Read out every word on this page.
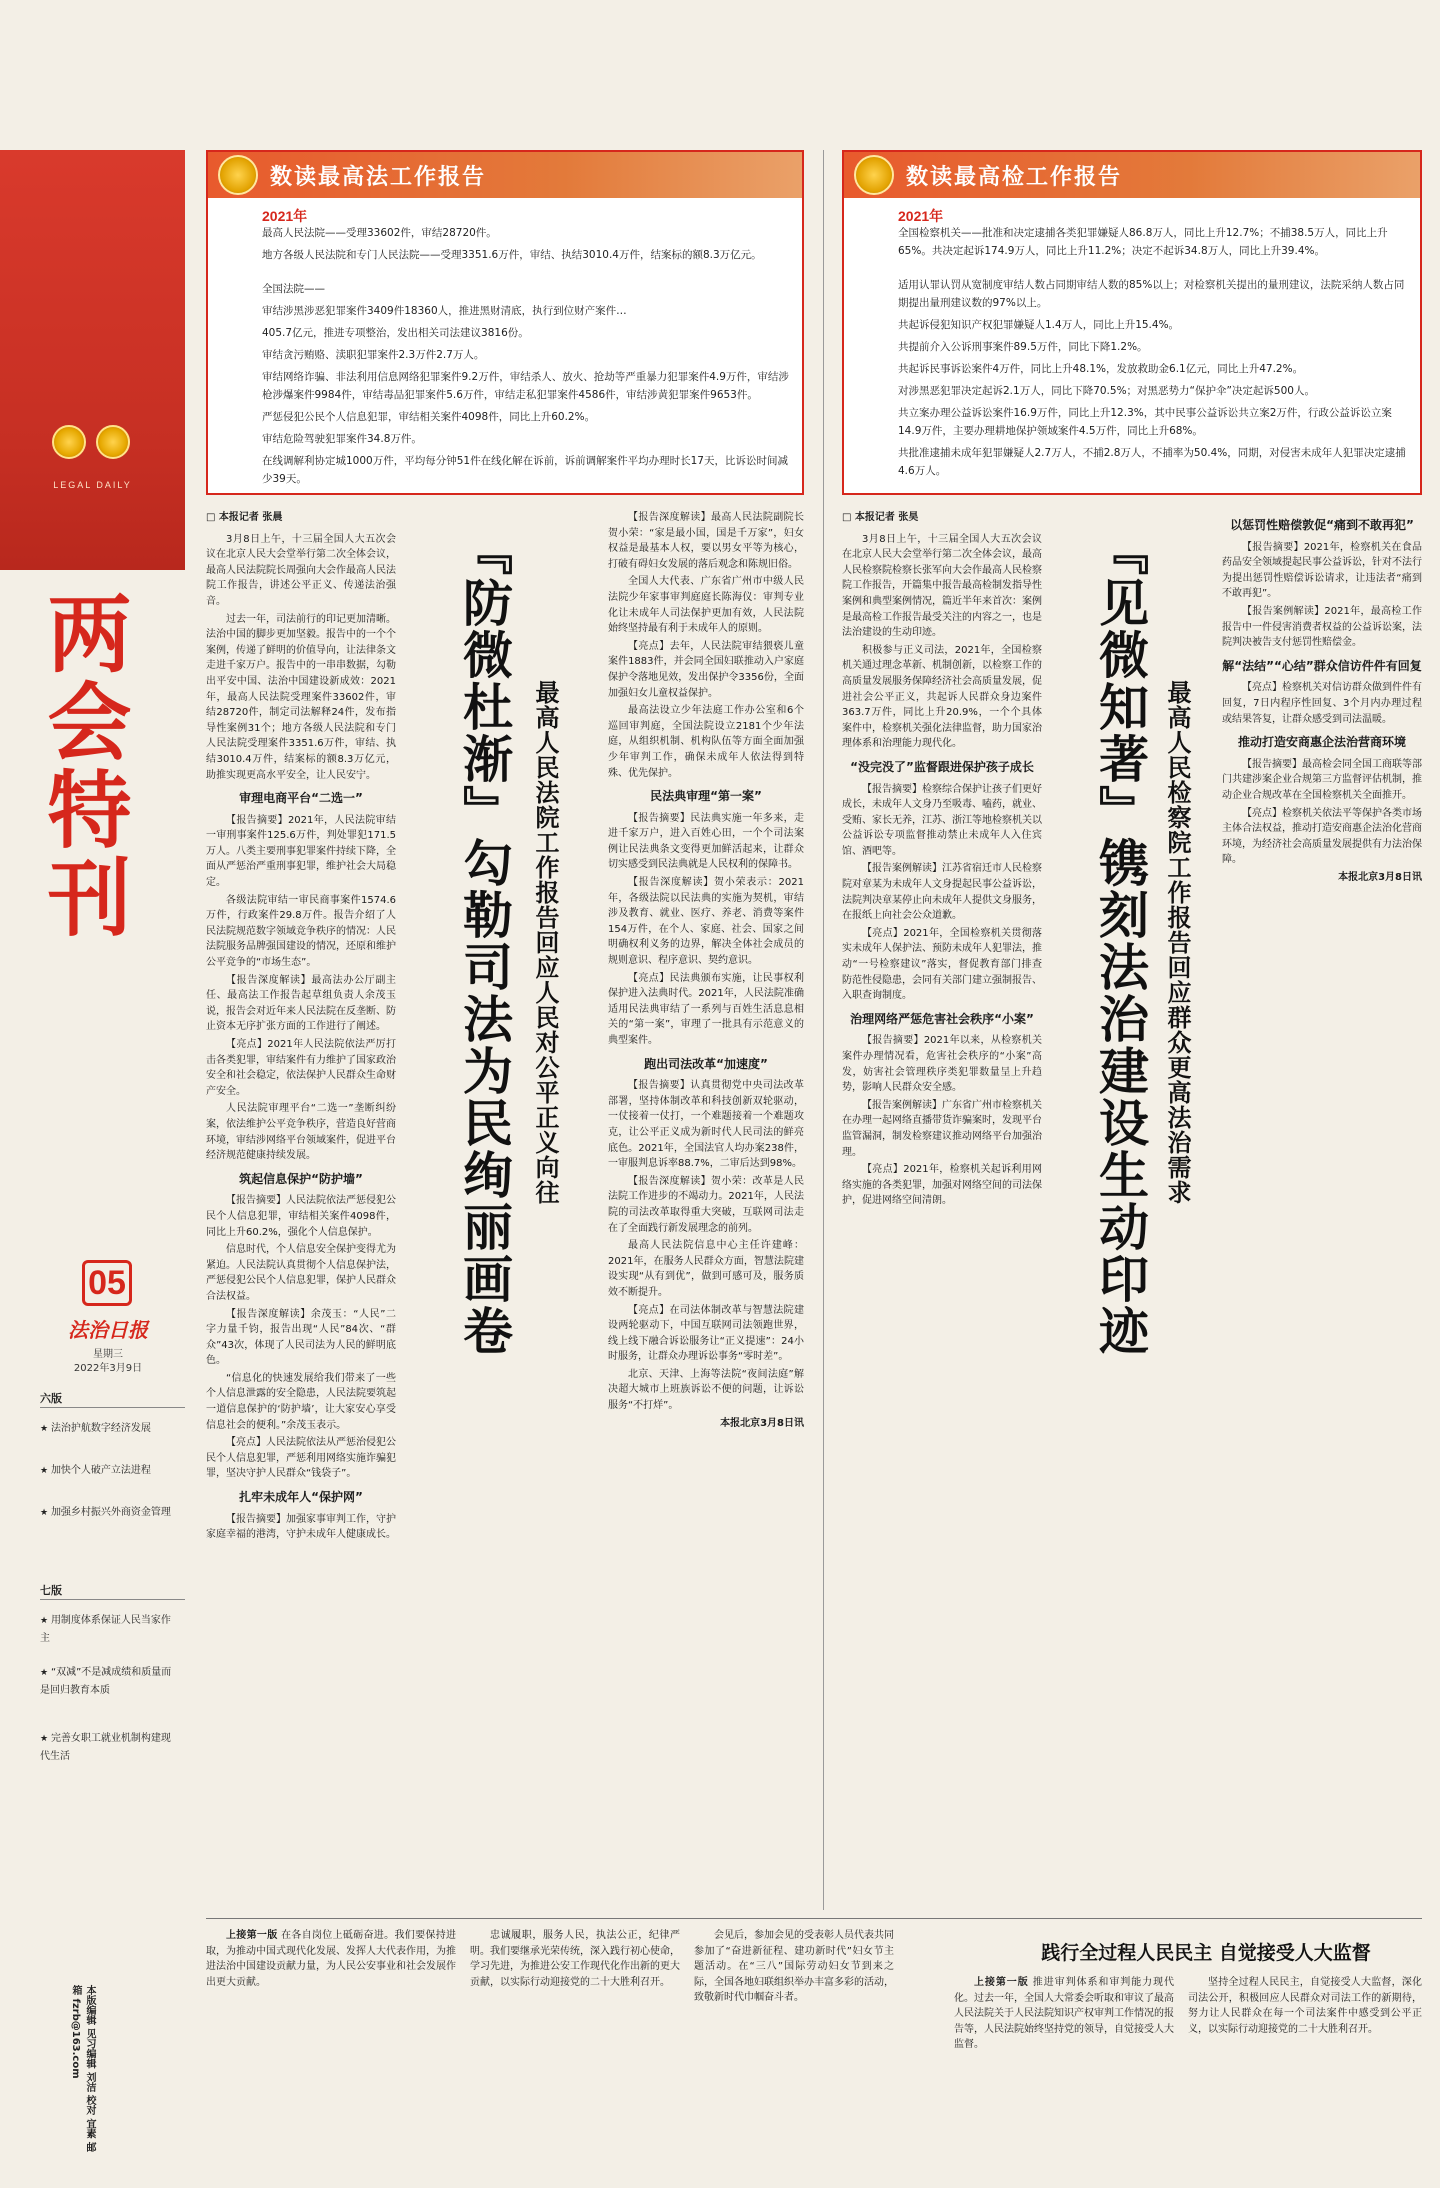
LEGAL DAILY
两会特刊
05
法治日报
星期三
2022年3月9日
六版
★ 法治护航数字经济发展
★ 加快个人破产立法进程
★ 加强乡村振兴外商资金管理
七版
★ 用制度体系保证人民当家作主
★ “双减”不是减成绩和质量而是回归教育本质
★ 完善女职工就业机制构建现代生活
本版编辑 见习编辑 刘洁 校对 宜素 邮箱 fzrb@163.com
数读最高法工作报告
2021年

最高人民法院——受理33602件，审结28720件。

地方各级人民法院和专门人民法院——受理3351.6万件，审结、执结3010.4万件，结案标的额8.3万亿元。

全国法院——

审结涉黑涉恶犯罪案件3409件18360人，推进黑财清底，执行到位财产案件…

405.7亿元，推进专项整治，发出相关司法建议3816份。

审结贪污贿赂、渎职犯罪案件2.3万件2.7万人。

审结网络诈骗、非法利用信息网络犯罪案件9.2万件，审结杀人、放火、抢劫等严重暴力犯罪案件4.9万件，审结涉枪涉爆案件9984件，审结毒品犯罪案件5.6万件，审结走私犯罪案件4586件，审结涉黄犯罪案件9653件。

严惩侵犯公民个人信息犯罪，审结相关案件4098件，同比上升60.2%。

审结危险驾驶犯罪案件34.8万件。

在线调解利协定城1000万件，平均每分钟51件在线化解在诉前，诉前调解案件平均办理时长17天，比诉讼时间减少39天。

数读最高检工作报告
2021年

全国检察机关——批准和决定逮捕各类犯罪嫌疑人86.8万人，同比上升12.7%；不捕38.5万人，同比上升65%。共决定起诉174.9万人，同比上升11.2%；决定不起诉34.8万人，同比上升39.4%。

适用认罪认罚从宽制度审结人数占同期审结人数的85%以上；对检察机关提出的量刑建议，法院采纳人数占同期提出量刑建议数的97%以上。

共起诉侵犯知识产权犯罪嫌疑人1.4万人，同比上升15.4%。

共提前介入公诉刑事案件89.5万件，同比下降1.2%。

共起诉民事诉讼案件4万件，同比上升48.1%，发放救助金6.1亿元，同比上升47.2%。

对涉黑恶犯罪决定起诉2.1万人，同比下降70.5%；对黑恶势力“保护伞”决定起诉500人。

共立案办理公益诉讼案件16.9万件，同比上升12.3%，其中民事公益诉讼共立案2万件，行政公益诉讼立案14.9万件，主要办理耕地保护领域案件4.5万件，同比上升68%。

共批准逮捕未成年犯罪嫌疑人2.7万人，不捕2.8万人，不捕率为50.4%，同期，对侵害未成年人犯罪决定逮捕4.6万人。

□ 本报记者 张晨

3月8日上午，十三届全国人大五次会议在北京人民大会堂举行第二次全体会议，最高人民法院院长周强向大会作最高人民法院工作报告，讲述公平正义、传递法治强音。

过去一年，司法前行的印记更加清晰。法治中国的脚步更加坚毅。报告中的一个个案例，传递了鲜明的价值导向，让法律条文走进千家万户。报告中的一串串数据，勾勒出平安中国、法治中国建设新成效：2021年，最高人民法院受理案件33602件，审结28720件，制定司法解释24件，发布指导性案例31个；地方各级人民法院和专门人民法院受理案件3351.6万件，审结、执结3010.4万件，结案标的额8.3万亿元，助推实现更高水平安全，让人民安宁。

审理电商平台“二选一”

【报告摘要】2021年，人民法院审结一审刑事案件125.6万件，判处罪犯171.5万人。八类主要刑事犯罪案件持续下降，全面从严惩治严重刑事犯罪，维护社会大局稳定。

各级法院审结一审民商事案件1574.6万件，行政案件29.8万件。报告介绍了人民法院规范数字领域竞争秩序的情况：人民法院服务品牌强国建设的情况，还原和维护公平竞争的“市场生态”。

【报告深度解读】最高法办公厅副主任、最高法工作报告起草组负责人余茂玉说，报告会对近年来人民法院在反垄断、防止资本无序扩张方面的工作进行了阐述。

【亮点】2021年人民法院依法严厉打击各类犯罪，审结案件有力维护了国家政治安全和社会稳定，依法保护人民群众生命财产安全。

人民法院审理平台“二选一”垄断纠纷案，依法维护公平竞争秩序，营造良好营商环境，审结涉网络平台领域案件，促进平台经济规范健康持续发展。

筑起信息保护“防护墙”

【报告摘要】人民法院依法严惩侵犯公民个人信息犯罪，审结相关案件4098件，同比上升60.2%，强化个人信息保护。

信息时代，个人信息安全保护变得尤为紧迫。人民法院认真贯彻个人信息保护法，严惩侵犯公民个人信息犯罪，保护人民群众合法权益。

【报告深度解读】余茂玉：“人民”二字力量千钧，报告出现“人民”84次、“群众”43次，体现了人民司法为人民的鲜明底色。

“信息化的快速发展给我们带来了一些个人信息泄露的安全隐患，人民法院要筑起一道信息保护的‘防护墙’，让大家安心享受信息社会的便利。”余茂玉表示。

【亮点】人民法院依法从严惩治侵犯公民个人信息犯罪，严惩利用网络实施诈骗犯罪，坚决守护人民群众“钱袋子”。

扎牢未成年人“保护网”

【报告摘要】加强家事审判工作，守护家庭幸福的港湾，守护未成年人健康成长。

『防微杜渐』勾勒司法为民绚丽画卷 最高人民法院工作报告回应人民对公平正义向往

【报告深度解读】最高人民法院副院长贺小荣：“家是最小国，国是千万家”，妇女权益是最基本人权，要以男女平等为核心，打破有碍妇女发展的落后观念和陈规旧俗。

全国人大代表、广东省广州市中级人民法院少年家事审判庭庭长陈海仪：审判专业化让未成年人司法保护更加有效，人民法院始终坚持最有利于未成年人的原则。

【亮点】去年，人民法院审结猥亵儿童案件1883件，并会同全国妇联推动入户家庭保护令落地见效，发出保护令3356份，全面加强妇女儿童权益保护。

最高法设立少年法庭工作办公室和6个巡回审判庭，全国法院设立2181个少年法庭，从组织机制、机构队伍等方面全面加强少年审判工作，确保未成年人依法得到特殊、优先保护。

民法典审理“第一案”

【报告摘要】民法典实施一年多来，走进千家万户，进入百姓心田，一个个司法案例让民法典条文变得更加鲜活起来，让群众切实感受到民法典就是人民权利的保障书。

【报告深度解读】贺小荣表示：2021年，各级法院以民法典的实施为契机，审结涉及教育、就业、医疗、养老、消费等案件154万件，在个人、家庭、社会、国家之间明确权利义务的边界，解决全体社会成员的规则意识、程序意识、契约意识。

【亮点】民法典颁布实施，让民事权利保护进入法典时代。2021年，人民法院准确适用民法典审结了一系列与百姓生活息息相关的“第一案”，审理了一批具有示范意义的典型案件。

跑出司法改革“加速度”

【报告摘要】认真贯彻党中央司法改革部署，坚持体制改革和科技创新双轮驱动，一仗接着一仗打，一个难题接着一个难题攻克，让公平正义成为新时代人民司法的鲜亮底色。2021年，全国法官人均办案238件，一审服判息诉率88.7%，二审后达到98%。

【报告深度解读】贺小荣：改革是人民法院工作进步的不竭动力。2021年，人民法院的司法改革取得重大突破，互联网司法走在了全面践行新发展理念的前列。

最高人民法院信息中心主任许建峰：2021年，在服务人民群众方面，智慧法院建设实现“从有到优”，做到可感可及，服务质效不断提升。

【亮点】在司法体制改革与智慧法院建设两轮驱动下，中国互联网司法领跑世界，线上线下融合诉讼服务让“正义提速”：24小时服务，让群众办理诉讼事务“零时差”。

北京、天津、上海等法院“夜间法庭”解决超大城市上班族诉讼不便的问题，让诉讼服务“不打烊”。

本报北京3月8日讯

□ 本报记者 张昊

3月8日上午，十三届全国人大五次会议在北京人民大会堂举行第二次全体会议，最高人民检察院检察长张军向大会作最高人民检察院工作报告，开篇集中报告最高检制发指导性案例和典型案例情况，篇近半年来首次：案例是最高检工作报告最受关注的内容之一，也是法治建设的生动印迹。

积极参与正义司法，2021年，全国检察机关通过理念革新、机制创新，以检察工作的高质量发展服务保障经济社会高质量发展，促进社会公平正义，共起诉人民群众身边案件363.7万件，同比上升20.9%，一个个具体案件中，检察机关强化法律监督，助力国家治理体系和治理能力现代化。

“没完没了”监督跟进保护孩子成长

【报告摘要】检察综合保护让孩子们更好成长，未成年人文身乃至吸毒、嗑药，就业、受贿、家长无养，江苏、浙江等地检察机关以公益诉讼专项监督推动禁止未成年人入住宾馆、酒吧等。

【报告案例解读】江苏省宿迁市人民检察院对章某为未成年人文身提起民事公益诉讼，法院判决章某停止向未成年人提供文身服务，在报纸上向社会公众道歉。

【亮点】2021年，全国检察机关贯彻落实未成年人保护法、预防未成年人犯罪法，推动“一号检察建议”落实，督促教育部门排查防范性侵隐患，会同有关部门建立强制报告、入职查询制度。

治理网络严惩危害社会秩序“小案”

【报告摘要】2021年以来，从检察机关案件办理情况看，危害社会秩序的“小案”高发，妨害社会管理秩序类犯罪数量呈上升趋势，影响人民群众安全感。

【报告案例解读】广东省广州市检察机关在办理一起网络直播带货诈骗案时，发现平台监管漏洞，制发检察建议推动网络平台加强治理。

【亮点】2021年，检察机关起诉利用网络实施的各类犯罪，加强对网络空间的司法保护，促进网络空间清朗。	『见微知著』镌刻法治建设生动印迹 最高人民检察院工作报告回应群众更高法治需求

以惩罚性赔偿敦促“痛到不敢再犯”

【报告摘要】2021年，检察机关在食品药品安全领域提起民事公益诉讼，针对不法行为提出惩罚性赔偿诉讼请求，让违法者“痛到不敢再犯”。

【报告案例解读】2021年，最高检工作报告中一件侵害消费者权益的公益诉讼案，法院判决被告支付惩罚性赔偿金。

解“法结”“心结”群众信访件件有回复

【亮点】检察机关对信访群众做到件件有回复，7日内程序性回复、3个月内办理过程或结果答复，让群众感受到司法温暖。

推动打造安商惠企法治营商环境

【报告摘要】最高检会同全国工商联等部门共建涉案企业合规第三方监督评估机制，推动企业合规改革在全国检察机关全面推开。

【亮点】检察机关依法平等保护各类市场主体合法权益，推动打造安商惠企法治化营商环境，为经济社会高质量发展提供有力法治保障。

本报北京3月8日讯

上接第一版 在各自岗位上砥砺奋进。我们要保持进取，为推动中国式现代化发展、发挥人大代表作用，为推进法治中国建设贡献力量，为人民公安事业和社会发展作出更大贡献。

忠诚履职，服务人民，执法公正，纪律严明。我们要继承光荣传统，深入践行初心使命，学习先进，为推进公安工作现代化作出新的更大贡献，以实际行动迎接党的二十大胜利召开。

会见后，参加会见的受表彰人员代表共同参加了“奋进新征程、建功新时代”妇女节主题活动。在“三八”国际劳动妇女节到来之际，全国各地妇联组织举办丰富多彩的活动，致敬新时代巾帼奋斗者。

践行全过程人民民主 自觉接受人大监督

上接第一版 推进审判体系和审判能力现代化。过去一年，全国人大常委会听取和审议了最高人民法院关于人民法院知识产权审判工作情况的报告等，人民法院始终坚持党的领导，自觉接受人大监督。

坚持全过程人民民主，自觉接受人大监督，深化司法公开，积极回应人民群众对司法工作的新期待，努力让人民群众在每一个司法案件中感受到公平正义，以实际行动迎接党的二十大胜利召开。
